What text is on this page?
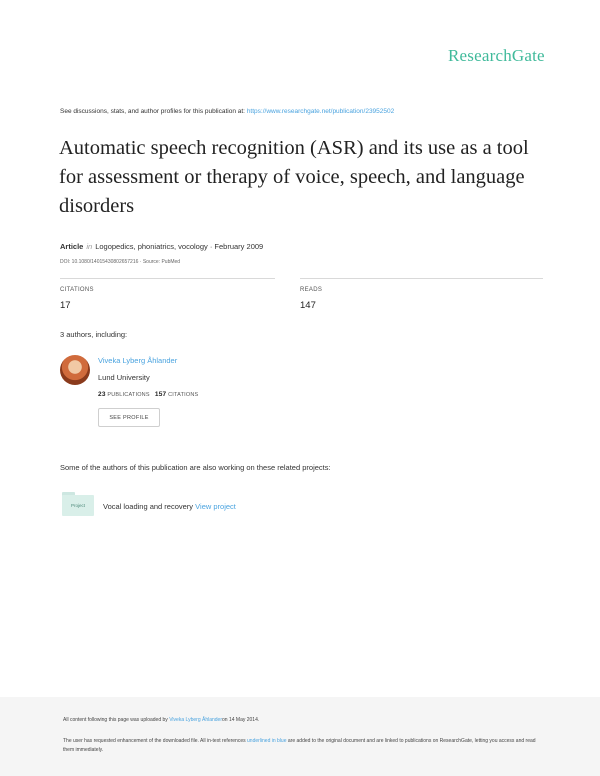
ResearchGate
See discussions, stats, and author profiles for this publication at: https://www.researchgate.net/publication/23952502
Automatic speech recognition (ASR) and its use as a tool for assessment or therapy of voice, speech, and language disorders
Article in Logopedics, phoniatrics, vocology · February 2009
DOI: 10.1080/14015430802657216 · Source: PubMed
CITATIONS
17
READS
147
3 authors, including:
Viveka Lyberg Åhlander
Lund University
23 PUBLICATIONS 157 CITATIONS
SEE PROFILE
Some of the authors of this publication are also working on these related projects:
Project	Vocal loading and recovery View project
All content following this page was uploaded by Viveka Lyberg Åhlanderon 14 May 2014.
The user has requested enhancement of the downloaded file. All in-text references underlined in blue are added to the original document and are linked to publications on ResearchGate, letting you access and read them immediately.
